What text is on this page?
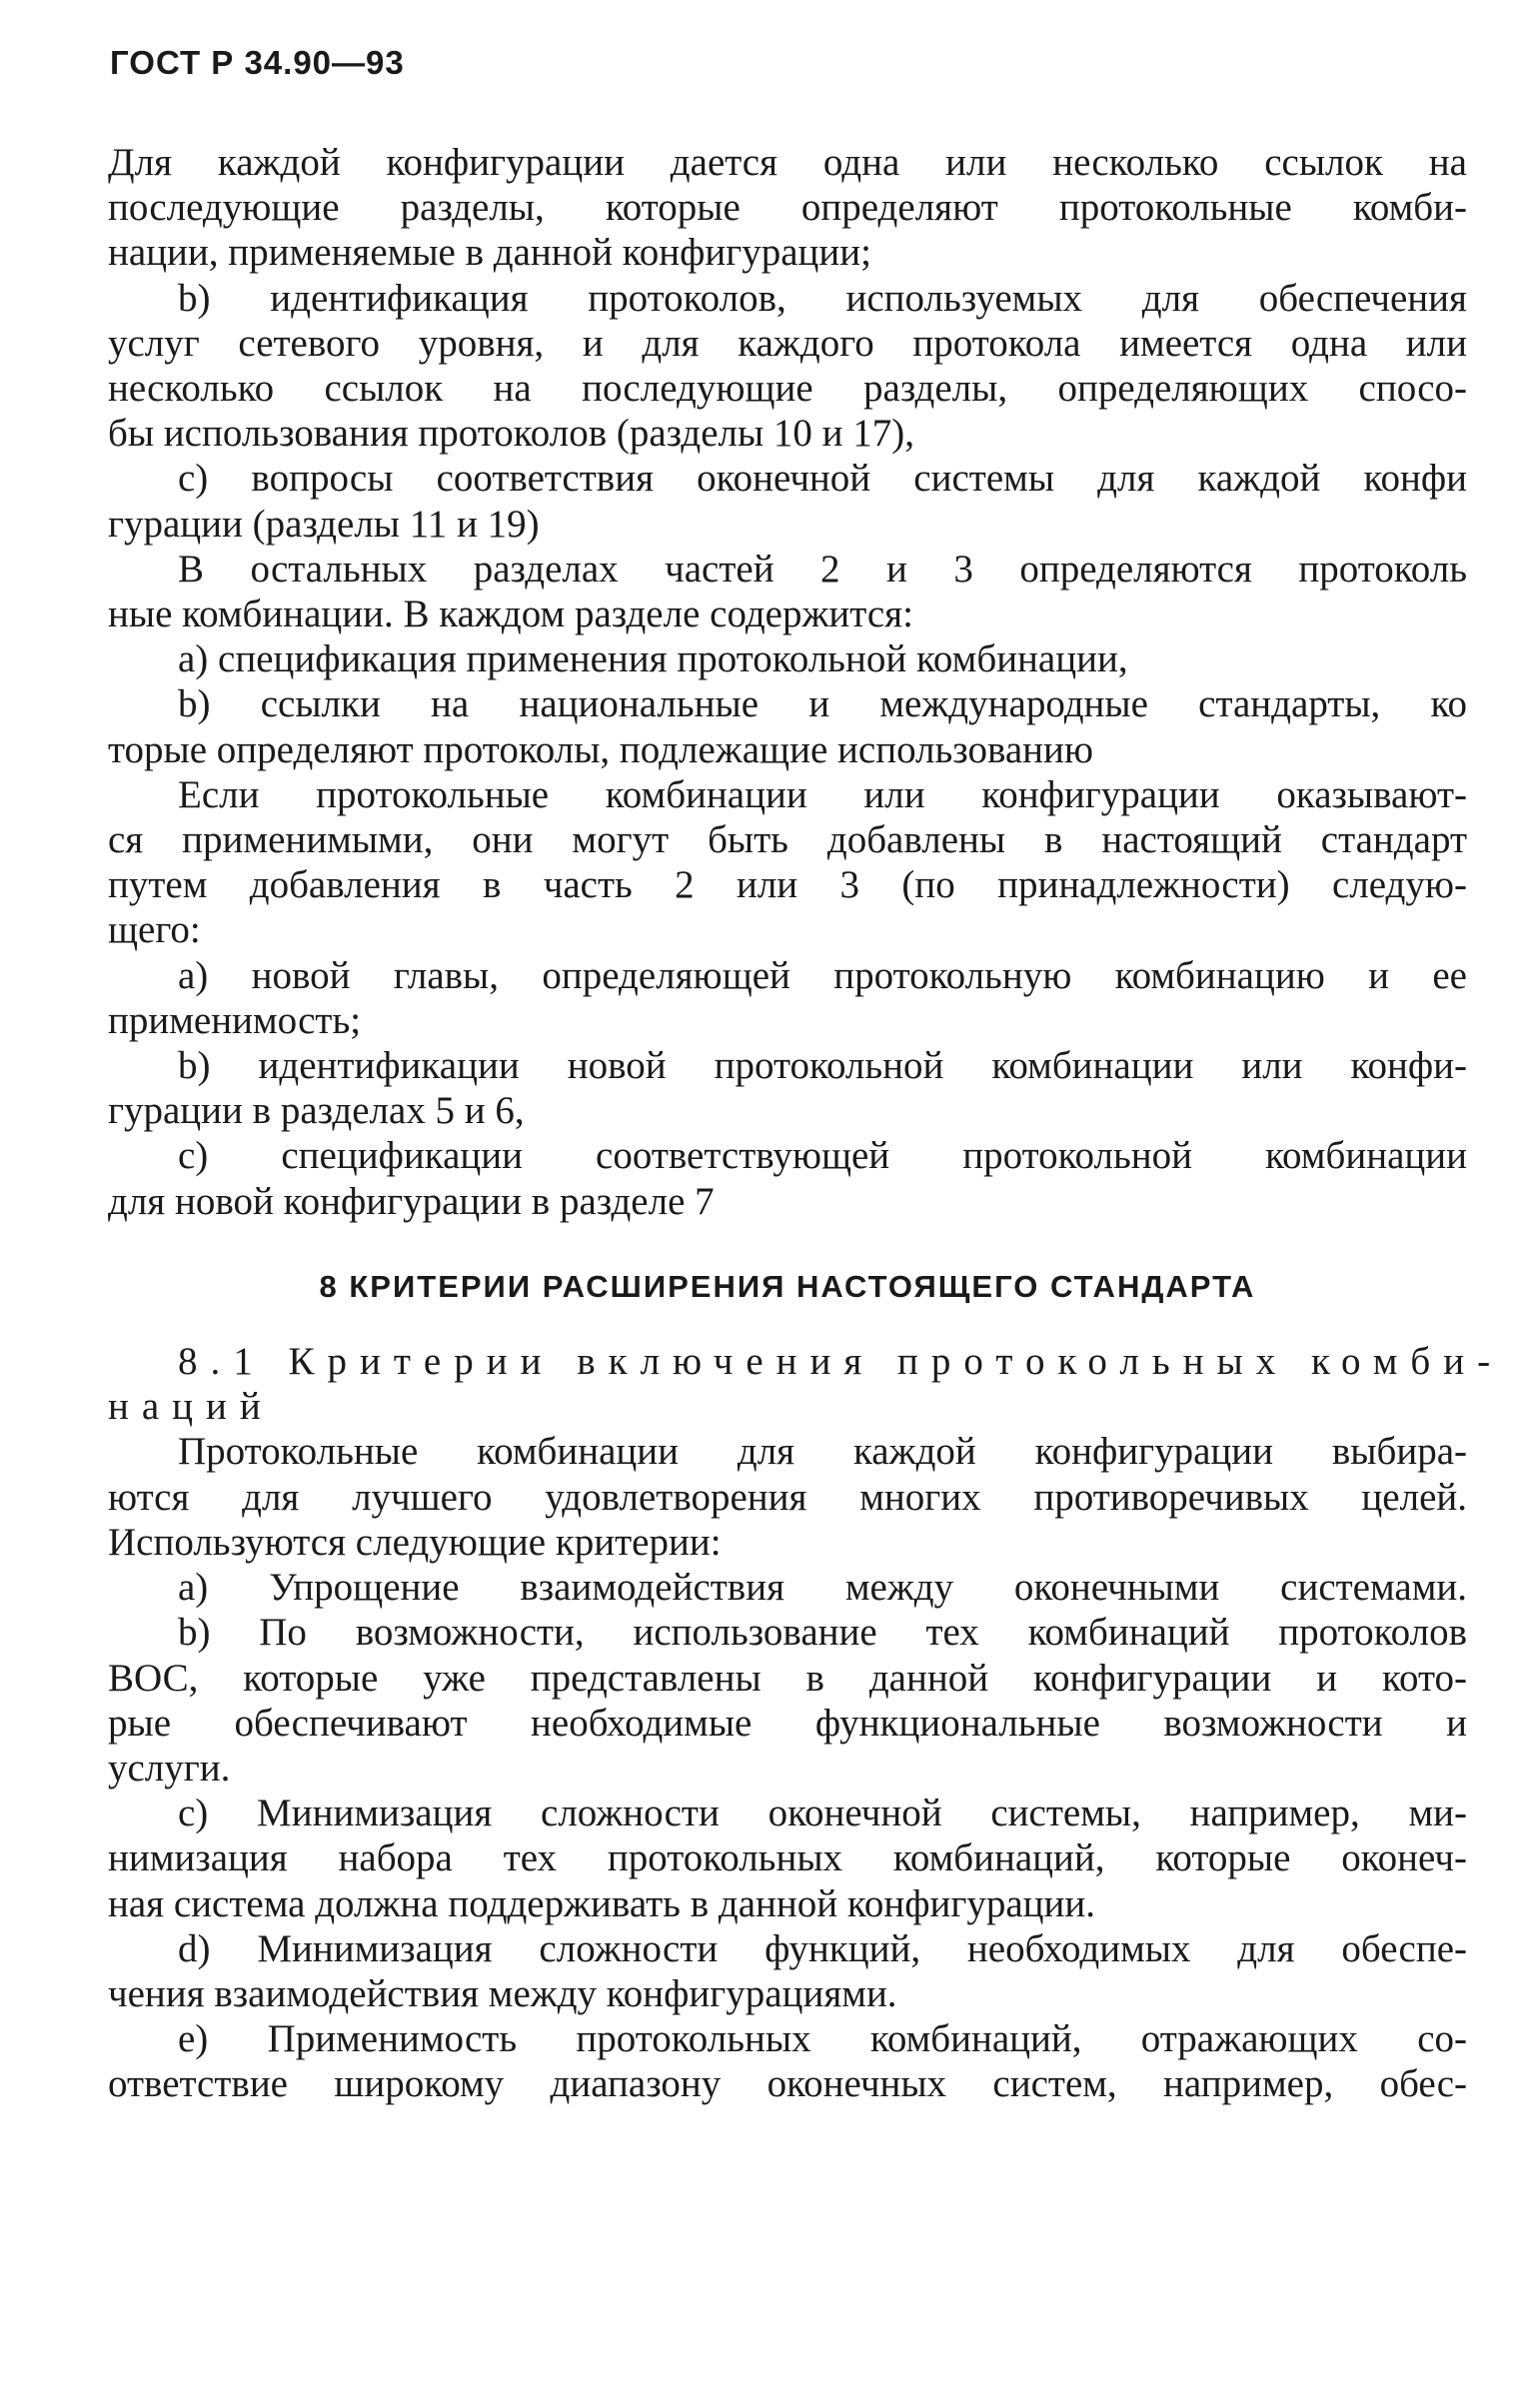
ГОСТ Р 34.90—93
Для каждой конфигурации дается одна или несколько ссылок на
последующие разделы, которые определяют протокольные комби-
нации, применяемые в данной конфигурации;
b) идентификация протоколов, используемых для обеспечения
услуг сетевого уровня, и для каждого протокола имеется одна или
несколько ссылок на последующие разделы, определяющих спосо-
бы использования протоколов (разделы 10 и 17),
c) вопросы соответствия оконечной системы для каждой конфи
гурации (разделы 11 и 19)
В остальных разделах частей 2 и 3 определяются протоколь
ные комбинации. В каждом разделе содержится:
a) спецификация применения протокольной комбинации,
b) ссылки на национальные и международные стандарты, ко
торые определяют протоколы, подлежащие использованию
Если протокольные комбинации или конфигурации оказывают-
ся применимыми, они могут быть добавлены в настоящий стандарт
путем добавления в часть 2 или 3 (по принадлежности) следую-
щего:
a) новой главы, определяющей протокольную комбинацию и ее
применимость;
b) идентификации новой протокольной комбинации или конфи-
гурации в разделах 5 и 6,
c) спецификации соответствующей протокольной комбинации
для новой конфигурации в разделе 7
8 КРИТЕРИИ РАСШИРЕНИЯ НАСТОЯЩЕГО СТАНДАРТА
8.1 Критерии включения протокольных комби-
наций
Протокольные комбинации для каждой конфигурации выбира-
ются для лучшего удовлетворения многих противоречивых целей.
Используются следующие критерии:
a) Упрощение взаимодействия между оконечными системами.
b) По возможности, использование тех комбинаций протоколов
ВОС, которые уже представлены в данной конфигурации и кото-
рые обеспечивают необходимые функциональные возможности и
услуги.
c) Минимизация сложности оконечной системы, например, ми-
нимизация набора тех протокольных комбинаций, которые оконеч-
ная система должна поддерживать в данной конфигурации.
d) Минимизация сложности функций, необходимых для обеспе-
чения взаимодействия между конфигурациями.
e) Применимость протокольных комбинаций, отражающих со-
ответствие широкому диапазону оконечных систем, например, обес-
